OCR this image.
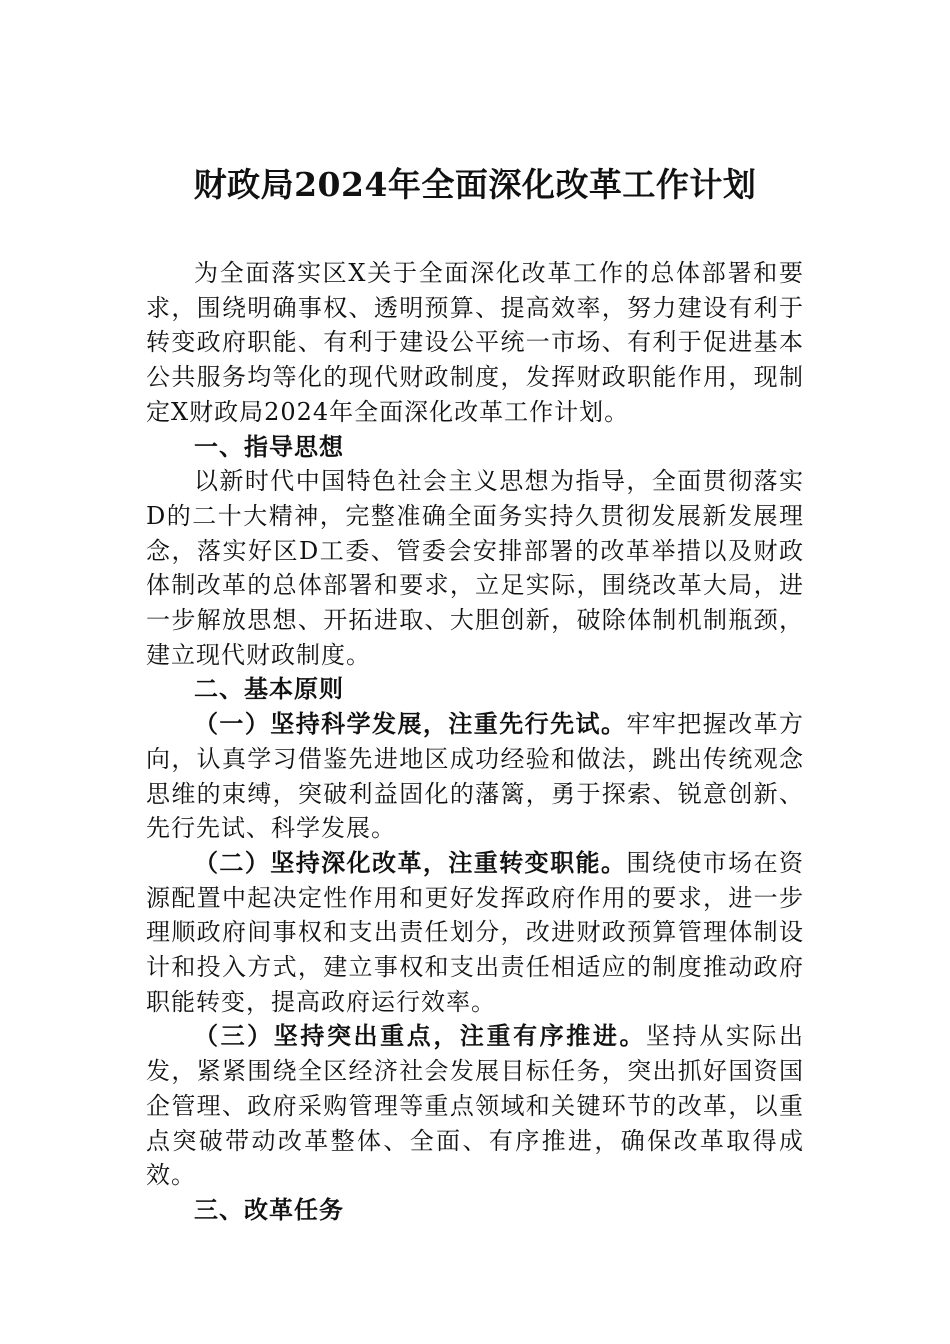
财政局2024年全面深化改革工作计划

为全面落实区X关于全面深化改革工作的总体部署和要求，围绕明确事权、透明预算、提高效率，努力建设有利于转变政府职能、有利于建设公平统一市场、有利于促进基本公共服务均等化的现代财政制度，发挥财政职能作用，现制定X财政局2024年全面深化改革工作计划。

一、指导思想

以新时代中国特色社会主义思想为指导，全面贯彻落实D的二十大精神，完整准确全面务实持久贯彻发展新发展理念，落实好区D工委、管委会安排部署的改革举措以及财政体制改革的总体部署和要求，立足实际，围绕改革大局，进一步解放思想、开拓进取、大胆创新，破除体制机制瓶颈，建立现代财政制度。

二、基本原则

（一）坚持科学发展，注重先行先试。牢牢把握改革方向，认真学习借鉴先进地区成功经验和做法，跳出传统观念思维的束缚，突破利益固化的藩篱，勇于探索、锐意创新、先行先试、科学发展。

（二）坚持深化改革，注重转变职能。围绕使市场在资源配置中起决定性作用和更好发挥政府作用的要求，进一步理顺政府间事权和支出责任划分，改进财政预算管理体制设计和投入方式，建立事权和支出责任相适应的制度推动政府职能转变，提高政府运行效率。

（三）坚持突出重点，注重有序推进。坚持从实际出发，紧紧围绕全区经济社会发展目标任务，突出抓好国资国企管理、政府采购管理等重点领域和关键环节的改革，以重点突破带动改革整体、全面、有序推进，确保改革取得成效。

三、改革任务
